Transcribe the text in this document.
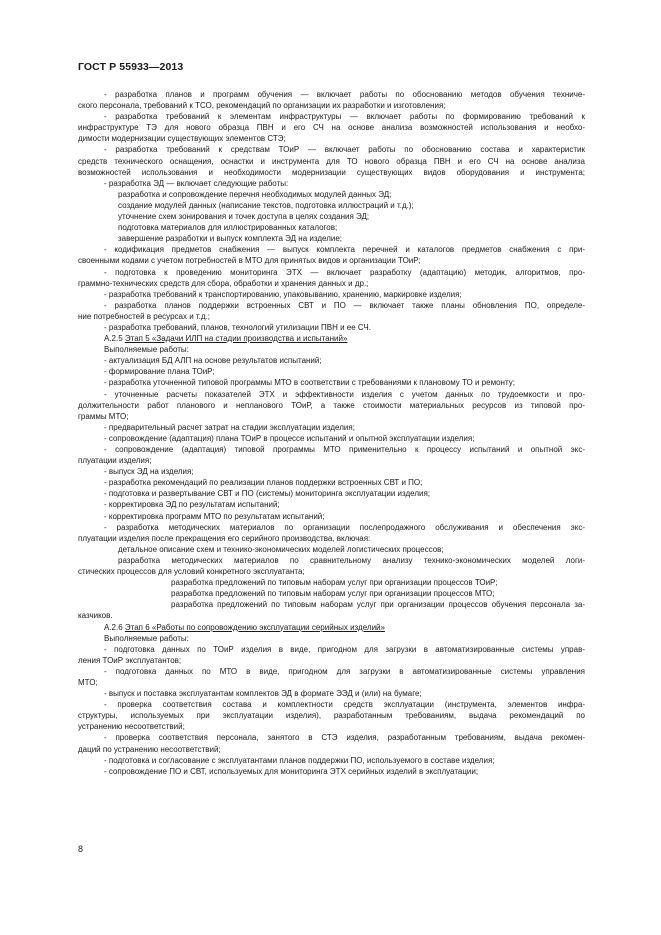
ГОСТ Р 55933—2013
- разработка планов и программ обучения — включает работы по обоснованию методов обучения техниче-
ского персонала, требований к ТСО, рекомендаций по организации их разработки и изготовления;
- разработка требований к элементам инфраструктуры — включает работы по формированию требований к
инфраструктуре ТЭ для нового образца ПВН и его СЧ на основе анализа возможностей использования и необхо-
димости модернизации существующих элементов СТЭ;
- разработка требований к средствам ТОиР — включает работы по обоснованию состава и характеристик
средств технического оснащения, оснастки и инструмента для ТО нового образца ПВН и его СЧ на основе анализа
возможностей использования и необходимости модернизации существующих видов оборудования и инструмента;
- разработка ЭД — включает следующие работы:
разработка и сопровождение перечня необходимых модулей данных ЭД;
создание модулей данных (написание текстов, подготовка иллюстраций и т.д.);
уточнение схем зонирования и точек доступа в целях создания ЭД;
подготовка материалов для иллюстрированных каталогов;
завершение разработки и выпуск комплекта ЭД на изделие;
- кодификация предметов снабжения — выпуск комплекта перечней и каталогов предметов снабжения с при-
своенными кодами с учетом потребностей в МТО для принятых видов и организации ТОиР;
- подготовка к проведению мониторинга ЭТХ — включает разработку (адаптацию) методик, алгоритмов, про-
граммно-технических средств для сбора, обработки и хранения данных и др.;
- разработка требований к транспортированию, упаковыванию, хранению, маркировке изделия;
- разработка планов поддержки встроенных СВТ и ПО — включает также планы обновления ПО, определе-
ние потребностей в ресурсах и т.д.;
- разработка требований, планов, технологий утилизации ПВН и ее СЧ.
А.2.5 Этап 5 «Задачи ИЛП на стадии производства и испытаний»
Выполняемые работы:
- актуализация БД АЛП на основе результатов испытаний;
- формирование плана ТОиР;
- разработка уточненной типовой программы МТО в соответствии с требованиями к плановому ТО и ремонту;
- уточненные расчеты показателей ЭТХ и эффективности изделия с учетом данных по трудоемкости и про-
должительности работ планового и непланового ТОиР, а также стоимости материальных ресурсов из типовой про-
граммы МТО;
- предварительный расчет затрат на стадии эксплуатации изделия;
- сопровождение (адаптация) плана ТОиР в процессе испытаний и опытной эксплуатации изделия;
- сопровождение (адаптация) типовой программы МТО применительно к процессу испытаний и опытной экс-
плуатации изделия;
- выпуск ЭД на изделия;
- разработка рекомендаций по реализации планов поддержки встроенных СВТ и ПО;
- подготовка и развертывание СВТ и ПО (системы) мониторинга эксплуатации изделия;
- корректировка ЭД по результатам испытаний;
- корректировка программ МТО по результатам испытаний;
- разработка методических материалов по организации послепродажного обслуживания и обеспечения экс-
плуатации изделия после прекращения его серийного производства, включая:
детальное описание схем и технико-экономических моделей логистических процессов;
разработка методических материалов по сравнительному анализу технико-экономических моделей логи-
стических процессов для условий конкретного эксплуатанта;
разработка предложений по типовым наборам услуг при организации процессов ТОиР;
разработка предложений по типовым наборам услуг при организации процессов МТО;
разработка предложений по типовым наборам услуг при организации процессов обучения персонала за-
казчиков.
А.2.6 Этап 6 «Работы по сопровождению эксплуатации серийных изделий»
Выполняемые работы:
- подготовка данных по ТОиР изделия в виде, пригодном для загрузки в автоматизированные системы управ-
ления ТОиР эксплуатантов;
- подготовка данных по МТО в виде, пригодном для загрузки в автоматизированные системы управления
МТО;
- выпуск и поставка эксплуатантам комплектов ЭД в формате ЭЭД и (или) на бумаге;
- проверка соответствия состава и комплектности средств эксплуатации (инструмента, элементов инфра-
структуры, используемых при эксплуатации изделия), разработанным требованиям, выдача рекомендаций по
устранению несоответствий;
- проверка соответствия персонала, занятого в СТЭ изделия, разработанным требованиям, выдача рекомен-
даций по устранению несоответствий;
- подготовка и согласование с эксплуатантами планов поддержки ПО, используемого в составе изделия;
- сопровождение ПО и СВТ, используемых для мониторинга ЭТХ серийных изделий в эксплуатации;
8
